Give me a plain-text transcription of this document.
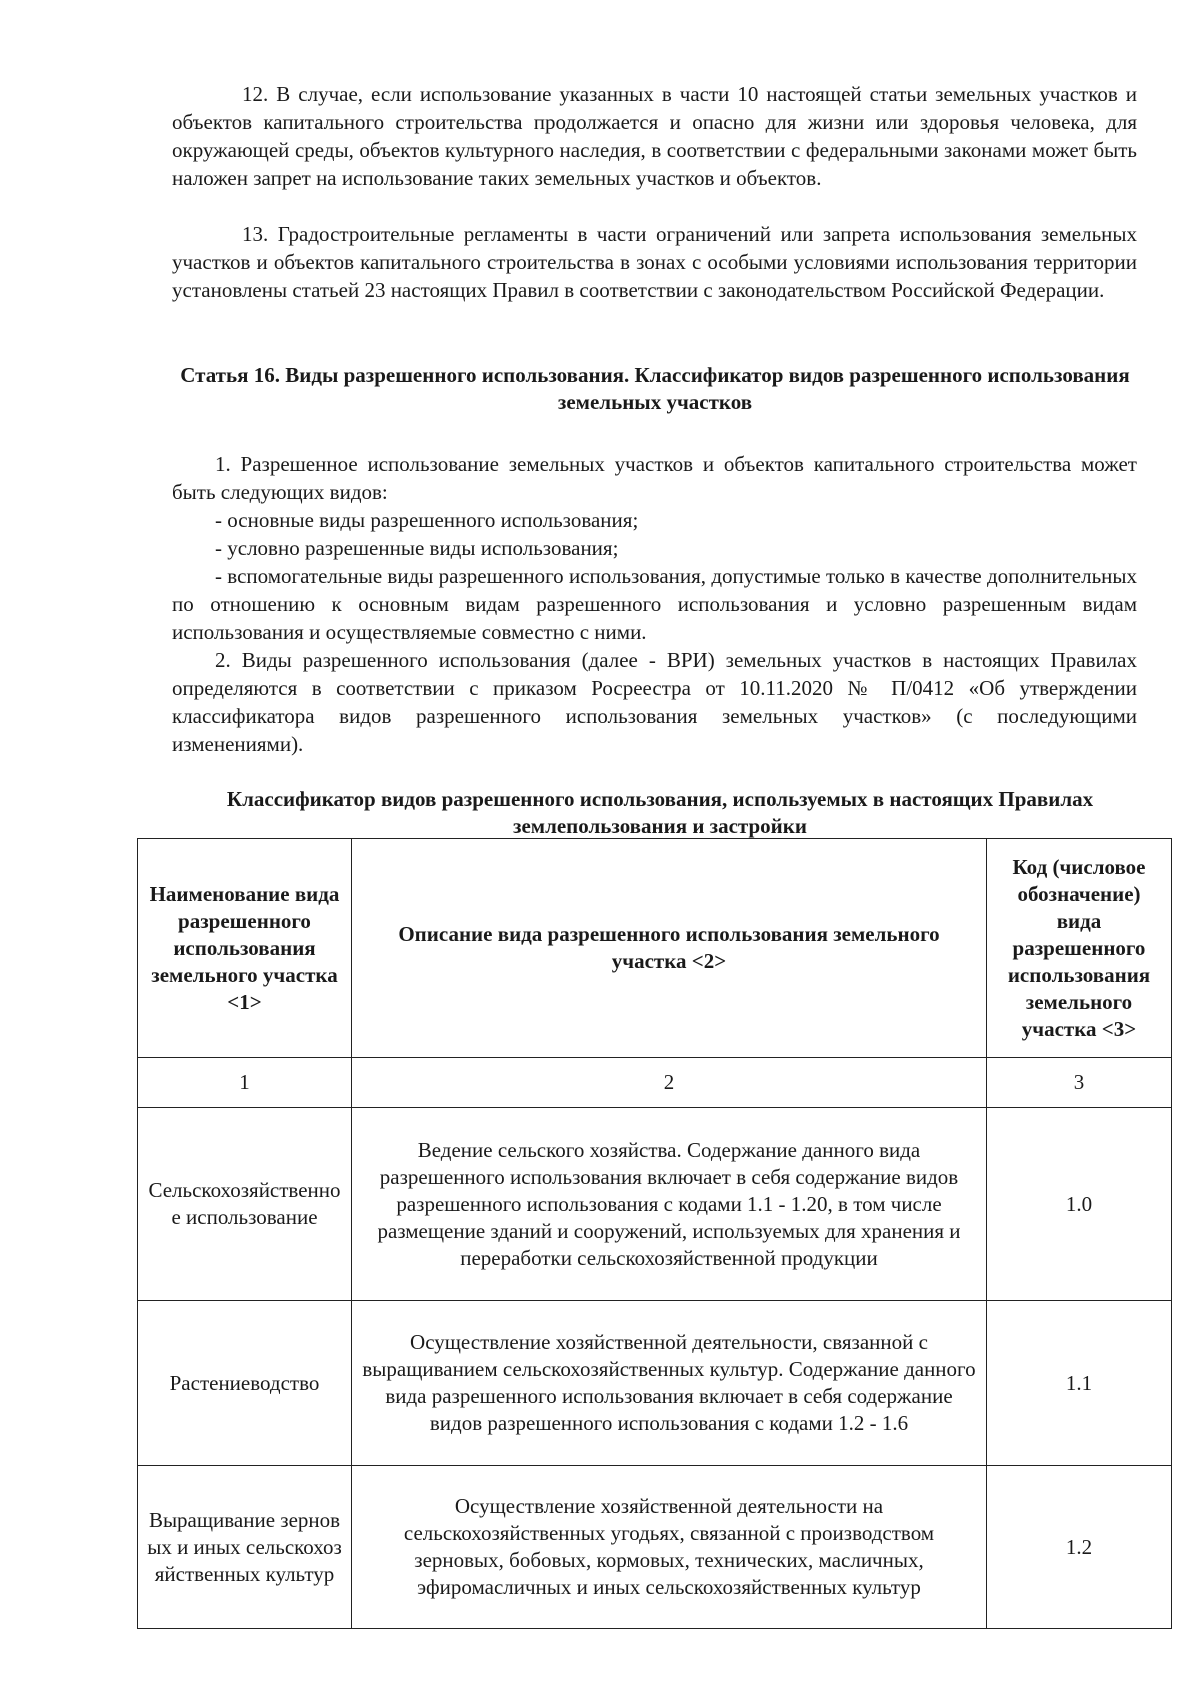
12. В случае, если использование указанных в части 10 настоящей статьи земельных участков и объектов капитального строительства продолжается и опасно для жизни или здоровья человека, для окружающей среды, объектов культурного наследия, в соответствии с федеральными законами может быть наложен запрет на использование таких земельных участков и объектов.

13. Градостроительные регламенты в части ограничений или запрета использования земельных участков и объектов капитального строительства в зонах с особыми условиями использования территории установлены статьей 23 настоящих Правил в соответствии с законодательством Российской Федерации.

Статья 16. Виды разрешенного использования. Классификатор видов разрешенного использования земельных участков

1. Разрешенное использование земельных участков и объектов капитального строительства может быть следующих видов:

- основные виды разрешенного использования;

- условно разрешенные виды использования;

- вспомогательные виды разрешенного использования, допустимые только в качестве дополнительных по отношению к основным видам разрешенного использования и условно разрешенным видам использования и осуществляемые совместно с ними.

2. Виды разрешенного использования (далее - ВРИ) земельных участков в настоящих Правилах определяются в соответствии с приказом Росреестра от 10.11.2020 № П/0412 «Об утверждении классификатора видов разрешенного использования земельных участков» (с последующими изменениями).

Классификатор видов разрешенного использования, используемых в настоящих Правилах землепользования и застройки
Наименование вида разрешенного использования земельного участка <1>	Описание вида разрешенного использования земельного участка <2>	Код (числовое обозначение) вида разрешенного использования земельного участка <3>
1	2	3
Сельскохозяйственное использование	Ведение сельского хозяйства. Содержание данного вида разрешенного использования включает в себя содержание видов разрешенного использования с кодами 1.1 - 1.20, в том числе размещение зданий и сооружений, используемых для хранения и переработки сельскохозяйственной продукции	1.0
Растениеводство	Осуществление хозяйственной деятельности, связанной с выращиванием сельскохозяйственных культур. Содержание данного вида разрешенного использования включает в себя содержание видов разрешенного использования с кодами 1.2 - 1.6	1.1
Выращивание зерновых и иных сельскохозяйственных культур	Осуществление хозяйственной деятельности на сельскохозяйственных угодьях, связанной с производством зерновых, бобовых, кормовых, технических, масличных, эфиромасличных и иных сельскохозяйственных культур	1.2
